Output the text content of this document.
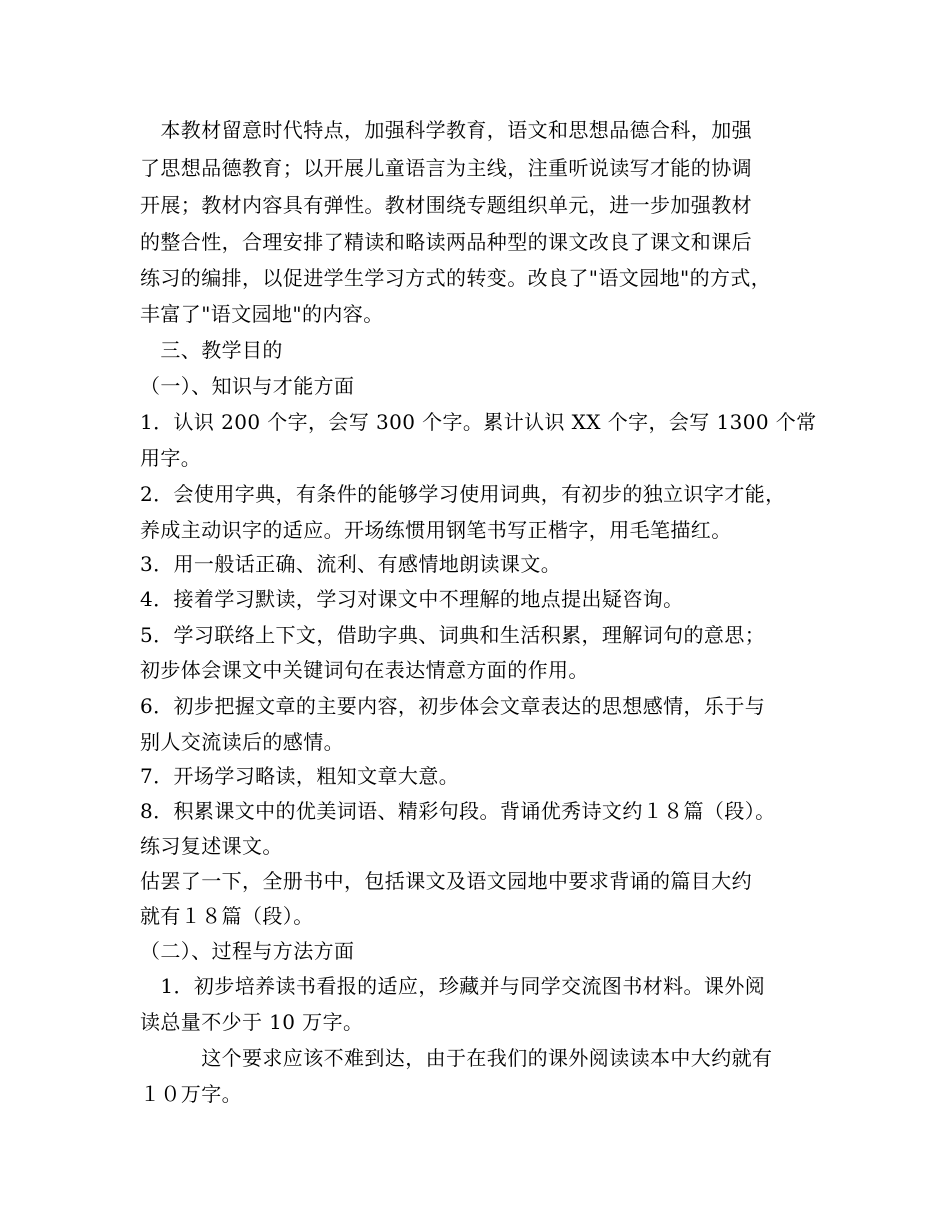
　本教材留意时代特点，加强科学教育，语文和思想品德合科，加强
了思想品德教育；以开展儿童语言为主线，注重听说读写才能的协调
开展；教材内容具有弹性。教材围绕专题组织单元，进一步加强教材
的整合性，合理安排了精读和略读两品种型的课文改良了课文和课后
练习的编排，以促进学生学习方式的转变。改良了"语文园地"的方式，
丰富了"语文园地"的内容。
　三、教学目的
（一）、知识与才能方面
1．认识 200 个字，会写 300 个字。累计认识 XX 个字，会写 1300 个常
用字。
2．会使用字典，有条件的能够学习使用词典，有初步的独立识字才能，
养成主动识字的适应。开场练惯用钢笔书写正楷字，用毛笔描红。
3．用一般话正确、流利、有感情地朗读课文。
4．接着学习默读，学习对课文中不理解的地点提出疑咨询。
5．学习联络上下文，借助字典、词典和生活积累，理解词句的意思；
初步体会课文中关键词句在表达情意方面的作用。
6．初步把握文章的主要内容，初步体会文章表达的思想感情，乐于与
别人交流读后的感情。
7．开场学习略读，粗知文章大意。
8．积累课文中的优美词语、精彩句段。背诵优秀诗文约１８篇（段）。
练习复述课文。
估罢了一下，全册书中，包括课文及语文园地中要求背诵的篇目大约
就有１８篇（段）。
（二）、过程与方法方面
　1．初步培养读书看报的适应，珍藏并与同学交流图书材料。课外阅
读总量不少于 10 万字。
　　　这个要求应该不难到达，由于在我们的课外阅读读本中大约就有
１０万字。
